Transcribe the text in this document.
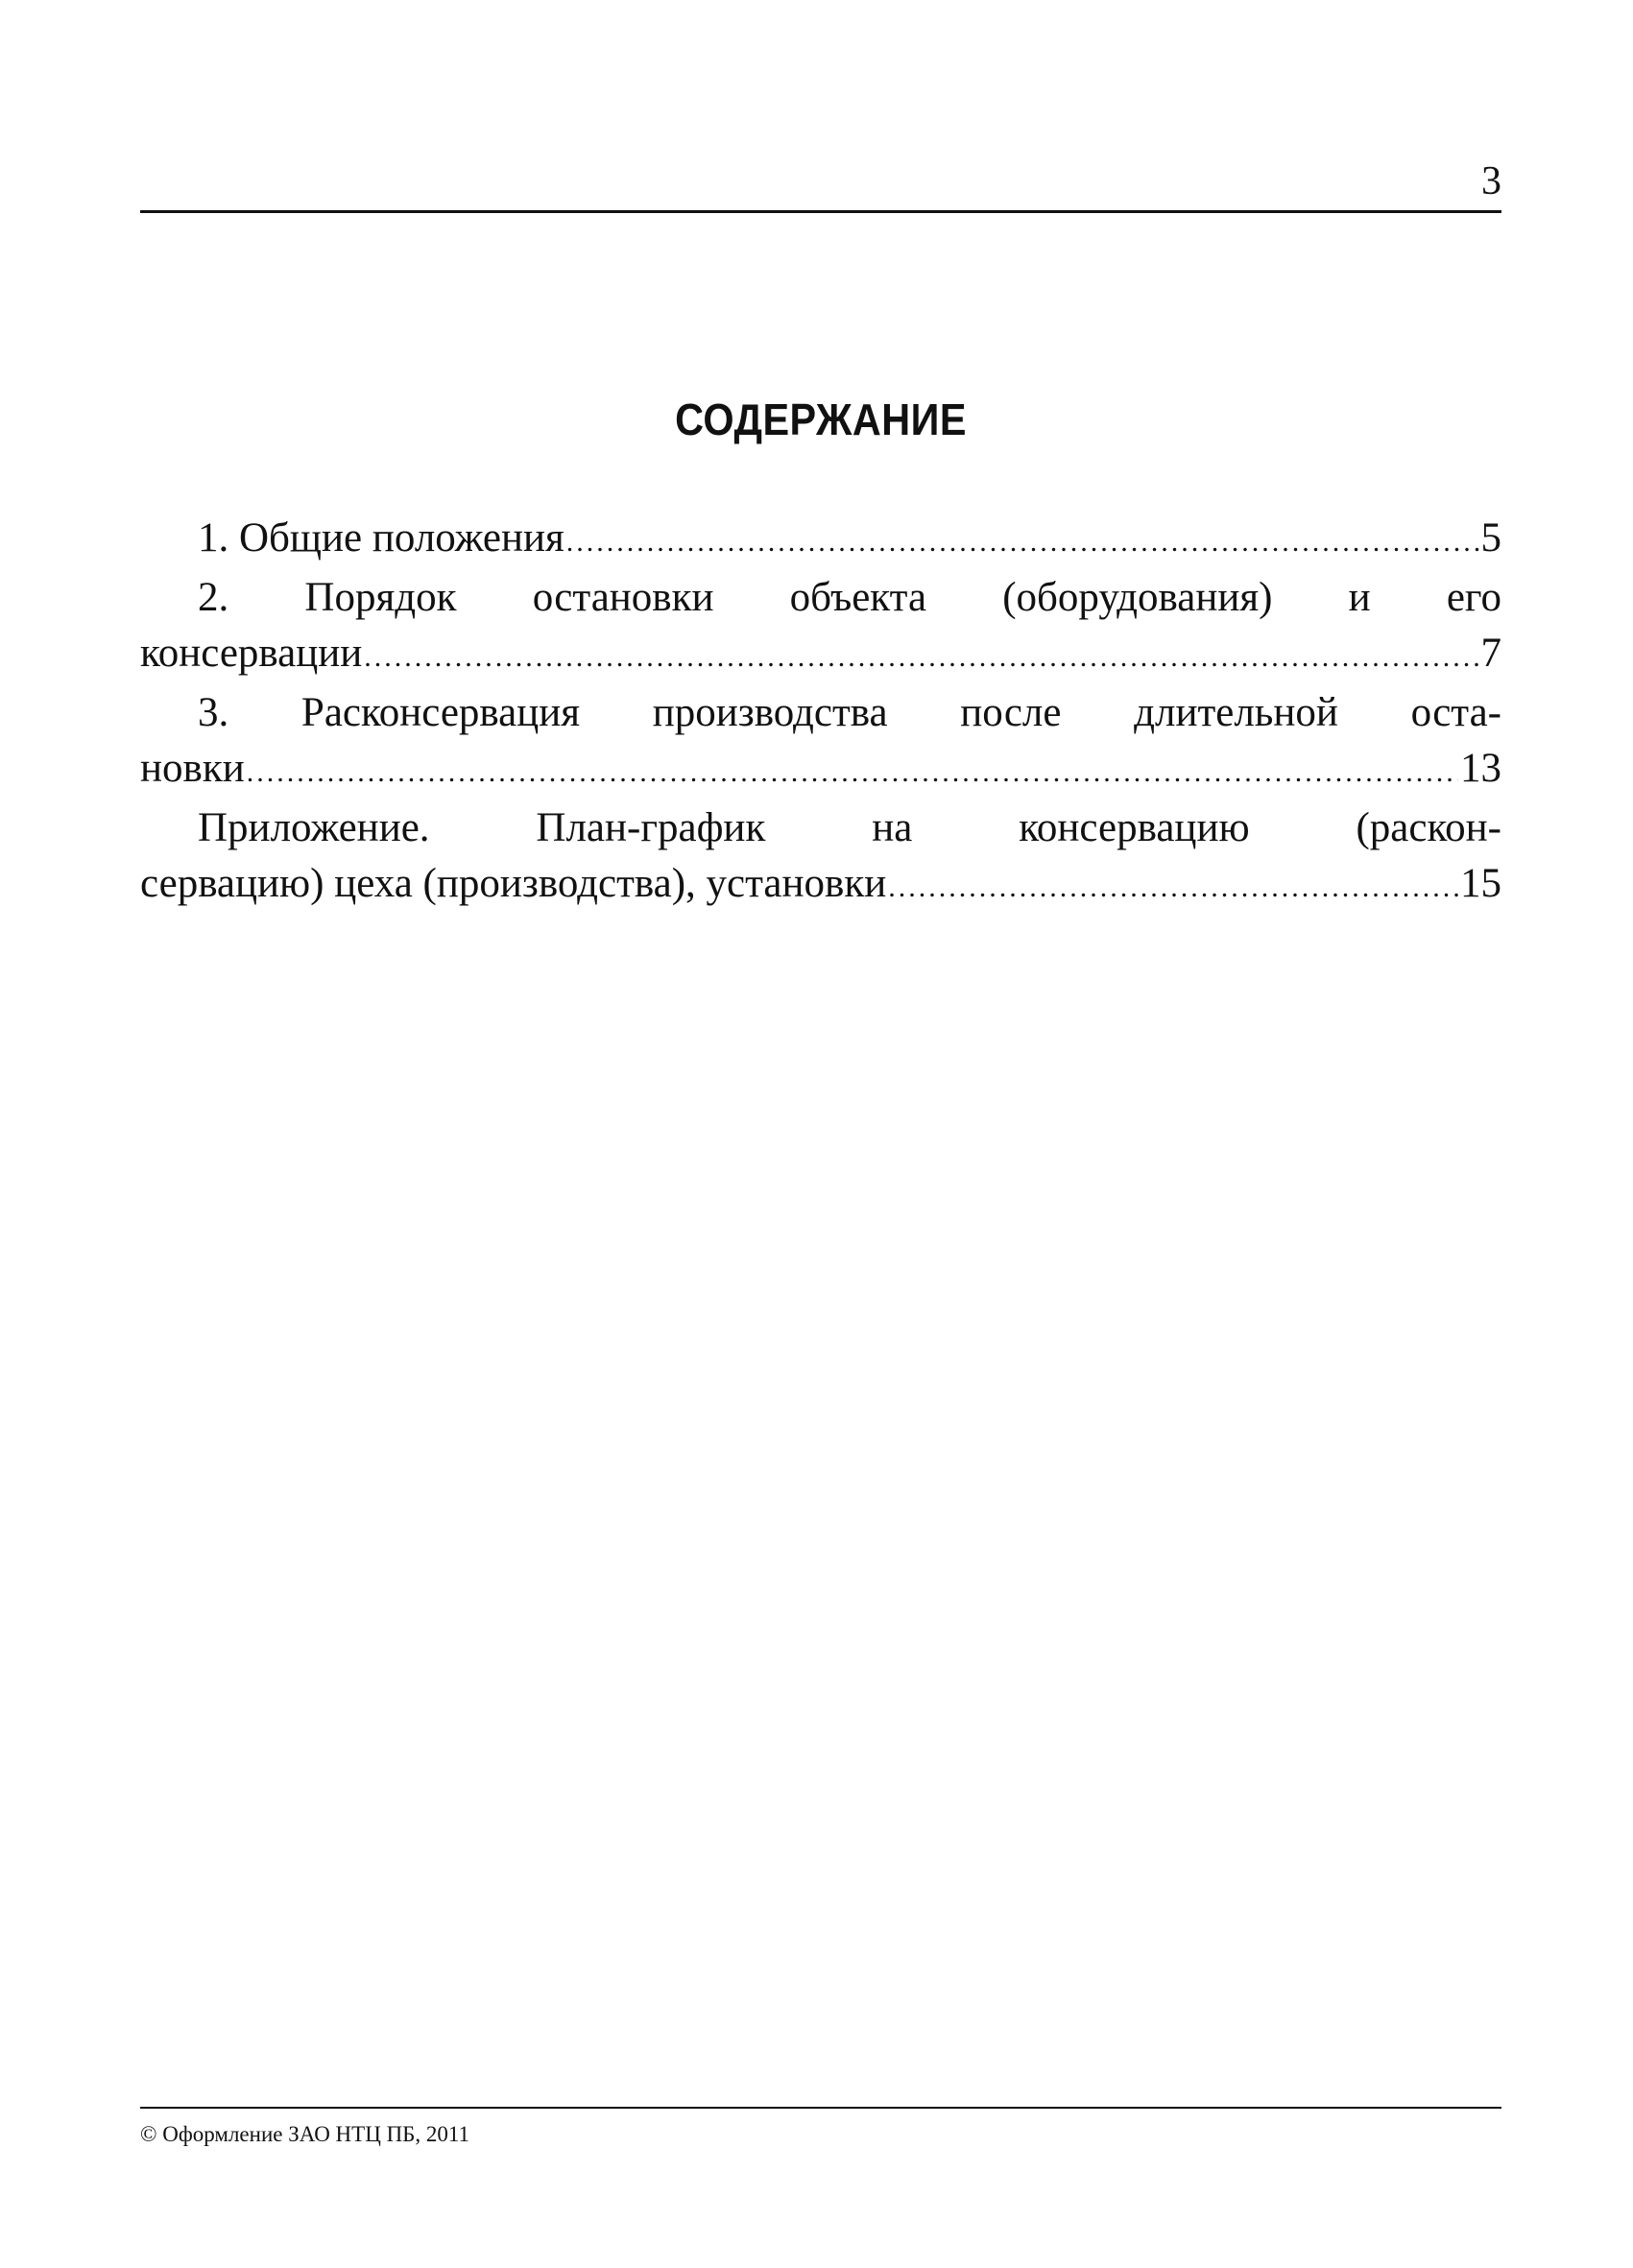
3
СОДЕРЖАНИЕ
1. Общие положения .....	5
2. Порядок остановки объекта (оборудования) и его
консервации .....	7
3. Расконсервация производства после длительной оста-
новки .....	13
Приложение. План-график на консервацию (раскон-
сервацию) цеха (производства), установки .....	15
© Оформление ЗАО НТЦ ПБ, 2011
